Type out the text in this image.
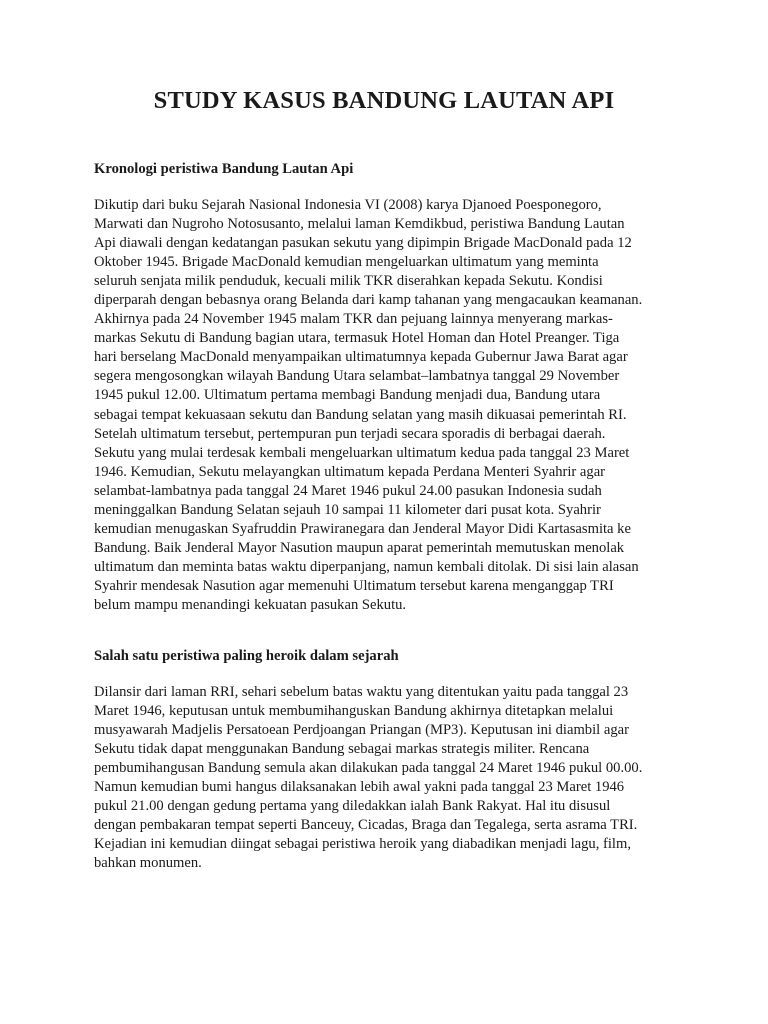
STUDY KASUS BANDUNG LAUTAN API

Kronologi peristiwa Bandung Lautan Api

Dikutip dari buku Sejarah Nasional Indonesia VI (2008) karya Djanoed Poesponegoro,
Marwati dan Nugroho Notosusanto, melalui laman Kemdikbud, peristiwa Bandung Lautan
Api diawali dengan kedatangan pasukan sekutu yang dipimpin Brigade MacDonald pada 12
Oktober 1945. Brigade MacDonald kemudian mengeluarkan ultimatum yang meminta
seluruh senjata milik penduduk, kecuali milik TKR diserahkan kepada Sekutu. Kondisi
diperparah dengan bebasnya orang Belanda dari kamp tahanan yang mengacaukan keamanan.
Akhirnya pada 24 November 1945 malam TKR dan pejuang lainnya menyerang markas-
markas Sekutu di Bandung bagian utara, termasuk Hotel Homan dan Hotel Preanger. Tiga
hari berselang MacDonald menyampaikan ultimatumnya kepada Gubernur Jawa Barat agar
segera mengosongkan wilayah Bandung Utara selambat–lambatnya tanggal 29 November
1945 pukul 12.00. Ultimatum pertama membagi Bandung menjadi dua, Bandung utara
sebagai tempat kekuasaan sekutu dan Bandung selatan yang masih dikuasai pemerintah RI.
Setelah ultimatum tersebut, pertempuran pun terjadi secara sporadis di berbagai daerah.
Sekutu yang mulai terdesak kembali mengeluarkan ultimatum kedua pada tanggal 23 Maret
1946. Kemudian, Sekutu melayangkan ultimatum kepada Perdana Menteri Syahrir agar
selambat-lambatnya pada tanggal 24 Maret 1946 pukul 24.00 pasukan Indonesia sudah
meninggalkan Bandung Selatan sejauh 10 sampai 11 kilometer dari pusat kota. Syahrir
kemudian menugaskan Syafruddin Prawiranegara dan Jenderal Mayor Didi Kartasasmita ke
Bandung. Baik Jenderal Mayor Nasution maupun aparat pemerintah memutuskan menolak
ultimatum dan meminta batas waktu diperpanjang, namun kembali ditolak. Di sisi lain alasan
Syahrir mendesak Nasution agar memenuhi Ultimatum tersebut karena menganggap TRI
belum mampu menandingi kekuatan pasukan Sekutu.

Salah satu peristiwa paling heroik dalam sejarah

Dilansir dari laman RRI, sehari sebelum batas waktu yang ditentukan yaitu pada tanggal 23
Maret 1946, keputusan untuk membumihanguskan Bandung akhirnya ditetapkan melalui
musyawarah Madjelis Persatoean Perdjoangan Priangan (MP3). Keputusan ini diambil agar
Sekutu tidak dapat menggunakan Bandung sebagai markas strategis militer. Rencana
pembumihangusan Bandung semula akan dilakukan pada tanggal 24 Maret 1946 pukul 00.00.
Namun kemudian bumi hangus dilaksanakan lebih awal yakni pada tanggal 23 Maret 1946
pukul 21.00 dengan gedung pertama yang diledakkan ialah Bank Rakyat. Hal itu disusul
dengan pembakaran tempat seperti Banceuy, Cicadas, Braga dan Tegalega, serta asrama TRI.
Kejadian ini kemudian diingat sebagai peristiwa heroik yang diabadikan menjadi lagu, film,
bahkan monumen.
